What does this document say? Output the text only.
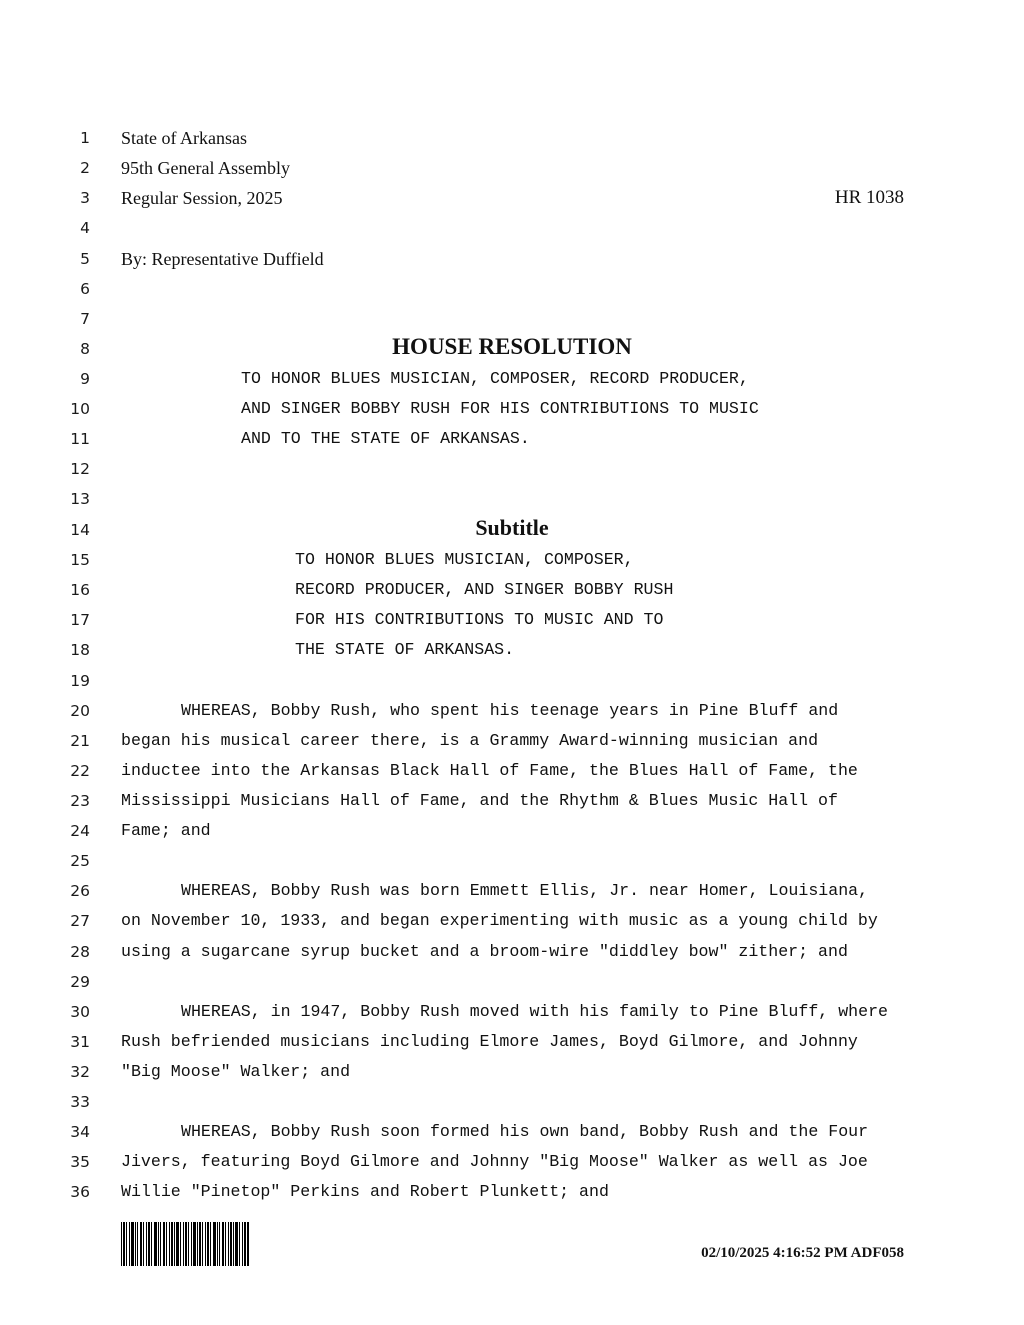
1
2
3
4
5
6
7
8
9
10
11
12
13
14
15
16
17
18
19
20
21
22
23
24
25
26
27
28
29
30
31
32
33
34
35
36
State of Arkansas
95th General Assembly
Regular Session, 2025	HR 1038
By: Representative Duffield
HOUSE RESOLUTION
TO HONOR BLUES MUSICIAN, COMPOSER, RECORD PRODUCER,
AND SINGER BOBBY RUSH FOR HIS CONTRIBUTIONS TO MUSIC
AND TO THE STATE OF ARKANSAS.
Subtitle
TO HONOR BLUES MUSICIAN, COMPOSER,
RECORD PRODUCER, AND SINGER BOBBY RUSH
FOR HIS CONTRIBUTIONS TO MUSIC AND TO
THE STATE OF ARKANSAS.
WHEREAS, Bobby Rush, who spent his teenage years in Pine Bluff and
began his musical career there, is a Grammy Award-winning musician and
inductee into the Arkansas Black Hall of Fame, the Blues Hall of Fame, the
Mississippi Musicians Hall of Fame, and the Rhythm & Blues Music Hall of
Fame; and
WHEREAS, Bobby Rush was born Emmett Ellis, Jr. near Homer, Louisiana,
on November 10, 1933, and began experimenting with music as a young child by
using a sugarcane syrup bucket and a broom-wire "diddley bow" zither; and
WHEREAS, in 1947, Bobby Rush moved with his family to Pine Bluff, where
Rush befriended musicians including Elmore James, Boyd Gilmore, and Johnny
"Big Moose" Walker; and
WHEREAS, Bobby Rush soon formed his own band, Bobby Rush and the Four
Jivers, featuring Boyd Gilmore and Johnny "Big Moose" Walker as well as Joe
Willie "Pinetop" Perkins and Robert Plunkett; and
02/10/2025 4:16:52 PM ADF058
